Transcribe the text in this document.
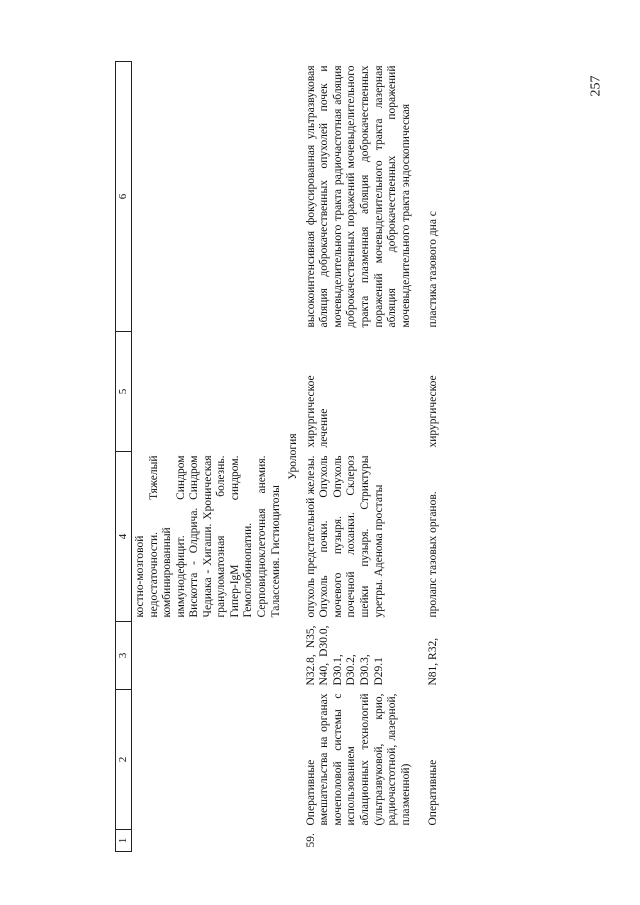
257
1	2	3	4	5	6
			костно-мозговой недостаточности. Тяжелый комбинированный иммунодефицит. Синдром Вискотта - Олдрича. Синдром Чедиака - Хигаши. Хроническая грануломатозная болезнь. Гипер-IgM синдром. Гемоглобинопатии. Серповидноклеточная анемия. Талассемия. Гистиоцитозы		
Урология					
59.	Оперативные вмешательства на органах мочеполовой системы с использованием аблационных технологий (ультразвуковой, крио, радиочастотной, лазерной, плазменной)	N32.8, N35, N40, D30.0, D30.1, D30.2, D30.3, D29.1	опухоль предстательной железы. Опухоль почки. Опухоль мочевого пузыря. Опухоль почечной лоханки. Склероз шейки пузыря. Стриктуры уретры. Аденома простаты	хирургическое лечение	высокоинтенсивная фокусированная ультразвуковая абляция доброкачественных опухолей почек и мочевыделительного тракта радиочастотная абляция доброкачественных поражений мочевыделительного тракта плазменная абляция доброкачественных поражений мочевыделительного тракта лазерная абляция доброкачественных поражений мочевыделительного тракта эндоскопическая

	Оперативные	N81, R32,	пролапс тазовых органов.	хирургическое	пластика тазового дна с
